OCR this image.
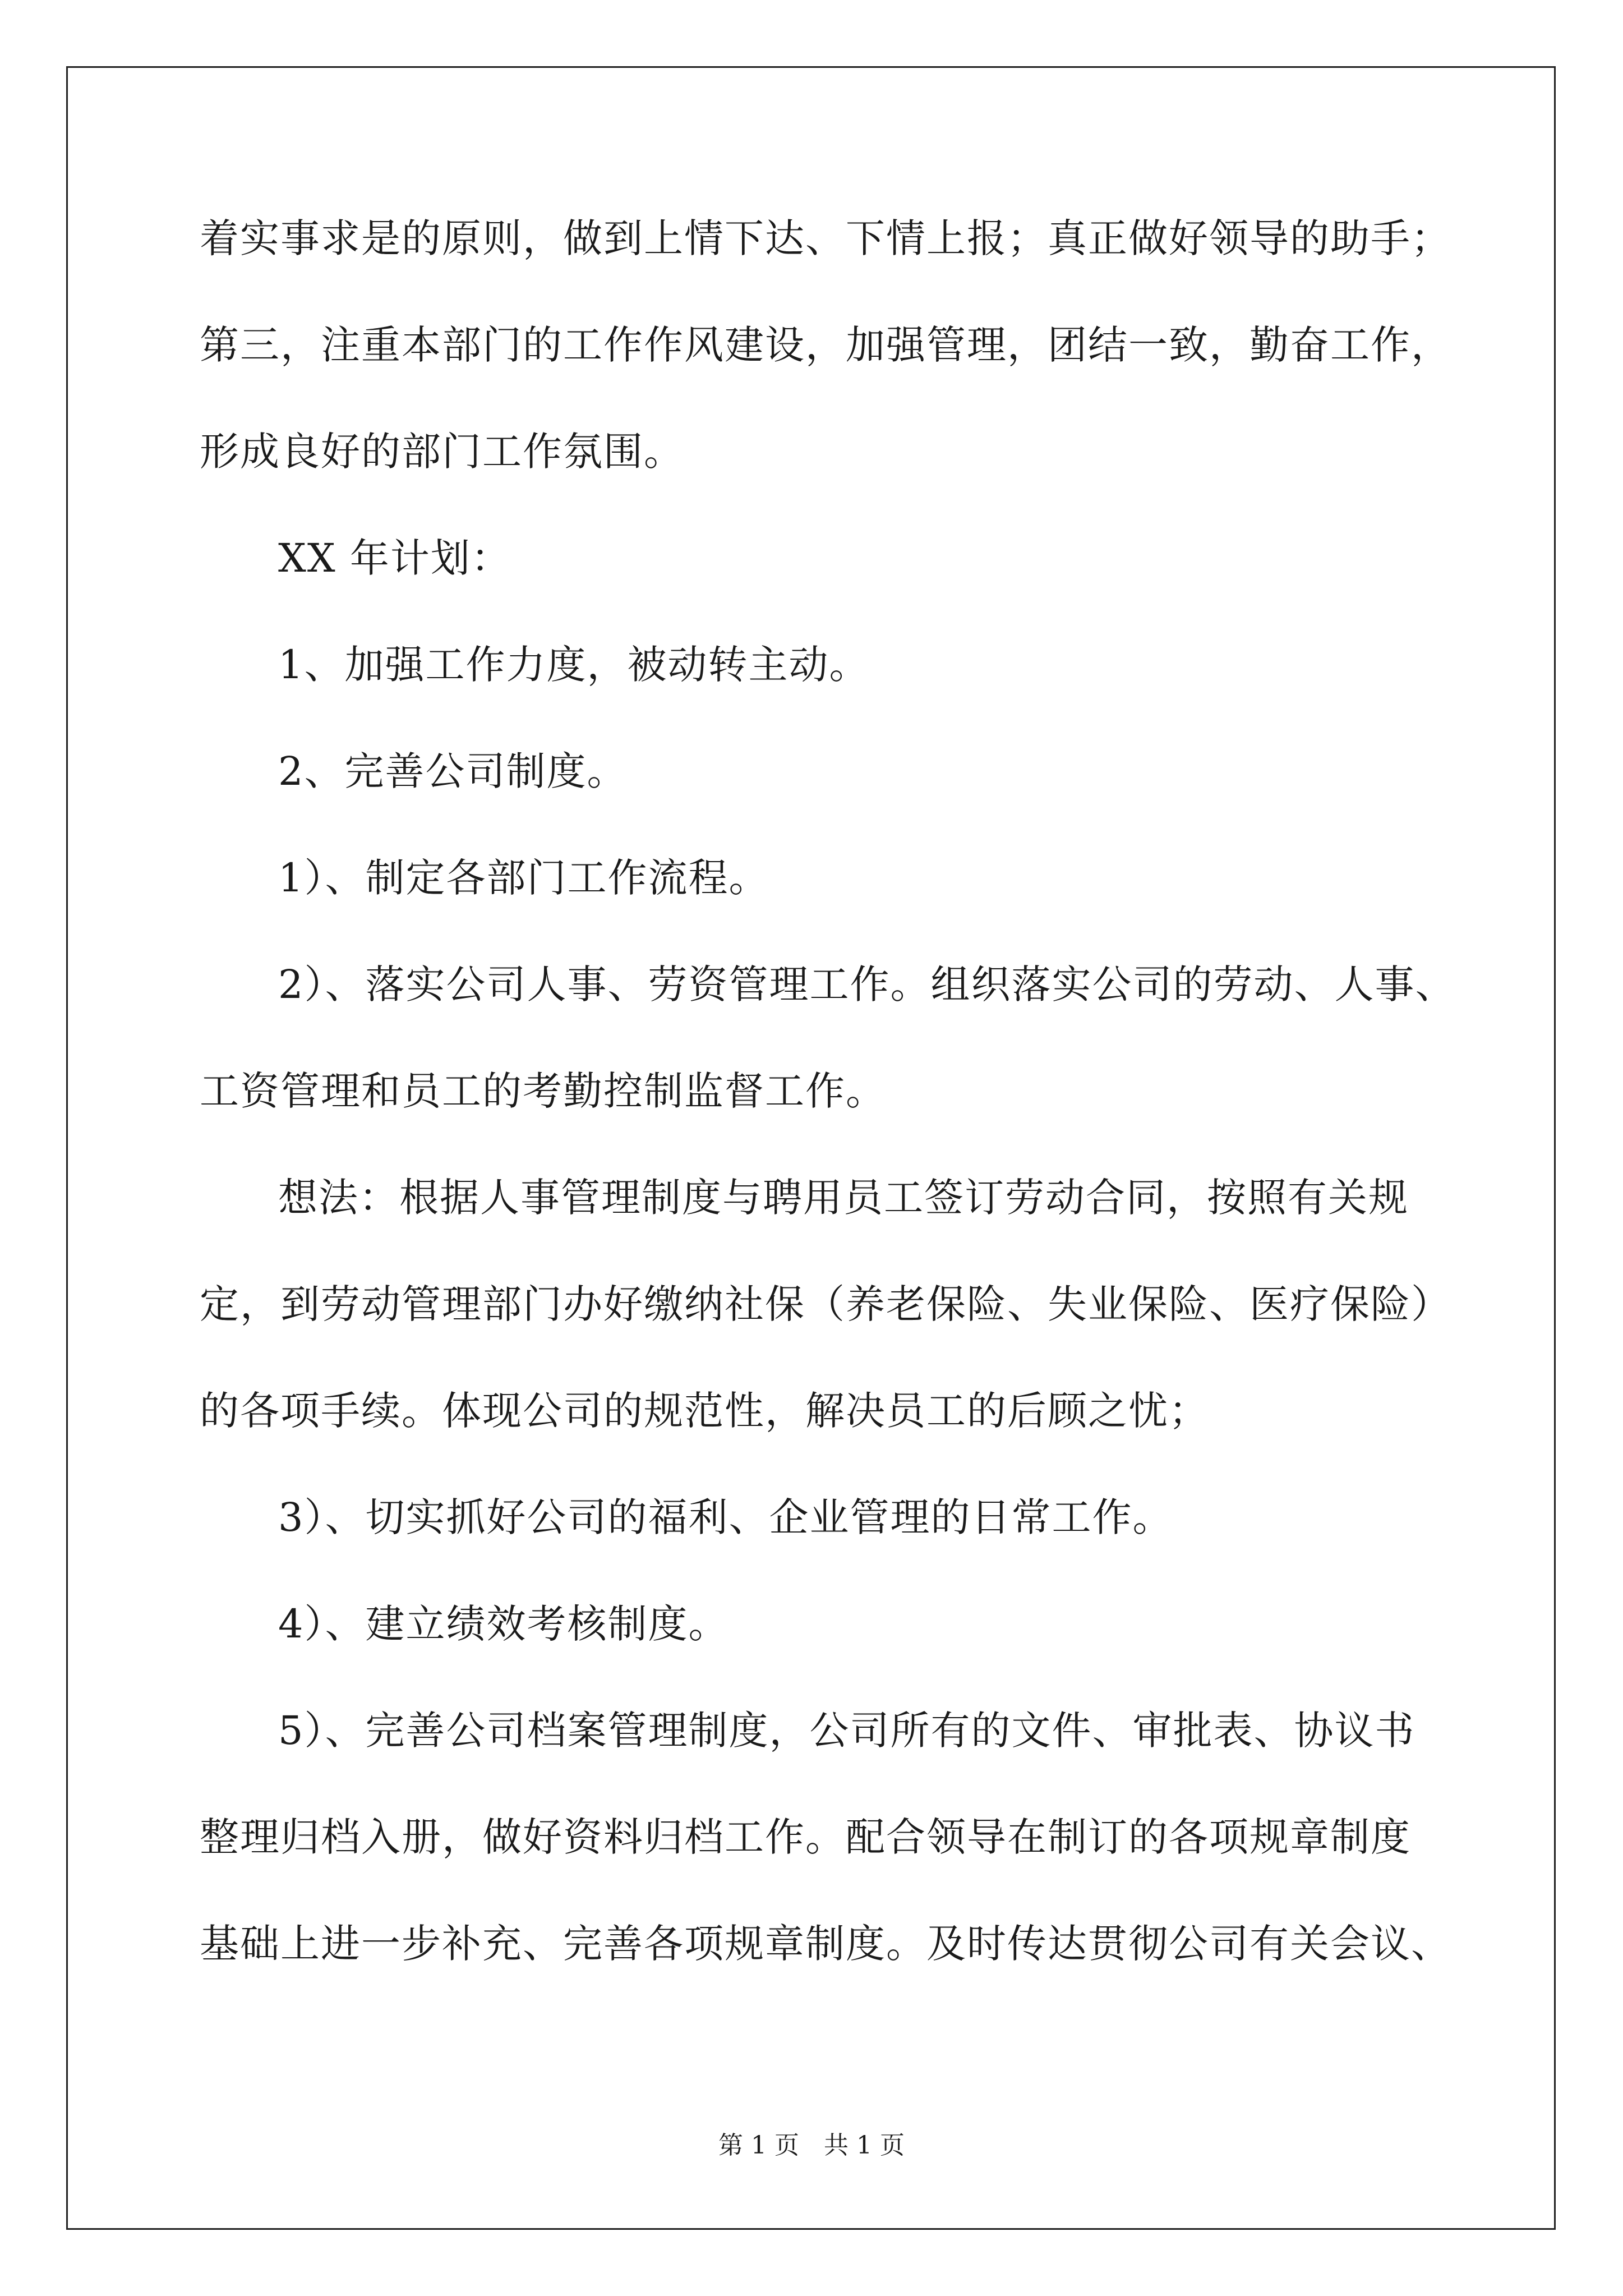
着实事求是的原则，做到上情下达、下情上报；真正做好领导的助手；
第三，注重本部门的工作作风建设，加强管理，团结一致，勤奋工作，
形成良好的部门工作氛围。
XX 年计划：
1、加强工作力度，被动转主动。
2、完善公司制度。
1）、制定各部门工作流程。
2）、落实公司人事、劳资管理工作。组织落实公司的劳动、人事、
工资管理和员工的考勤控制监督工作。
想法：根据人事管理制度与聘用员工签订劳动合同，按照有关规
定，到劳动管理部门办好缴纳社保（养老保险、失业保险、医疗保险）
的各项手续。体现公司的规范性，解决员工的后顾之忧；
3）、切实抓好公司的福利、企业管理的日常工作。
4）、建立绩效考核制度。
5）、完善公司档案管理制度，公司所有的文件、审批表、协议书
整理归档入册，做好资料归档工作。配合领导在制订的各项规章制度
基础上进一步补充、完善各项规章制度。及时传达贯彻公司有关会议、
第 1 页　共 1 页
